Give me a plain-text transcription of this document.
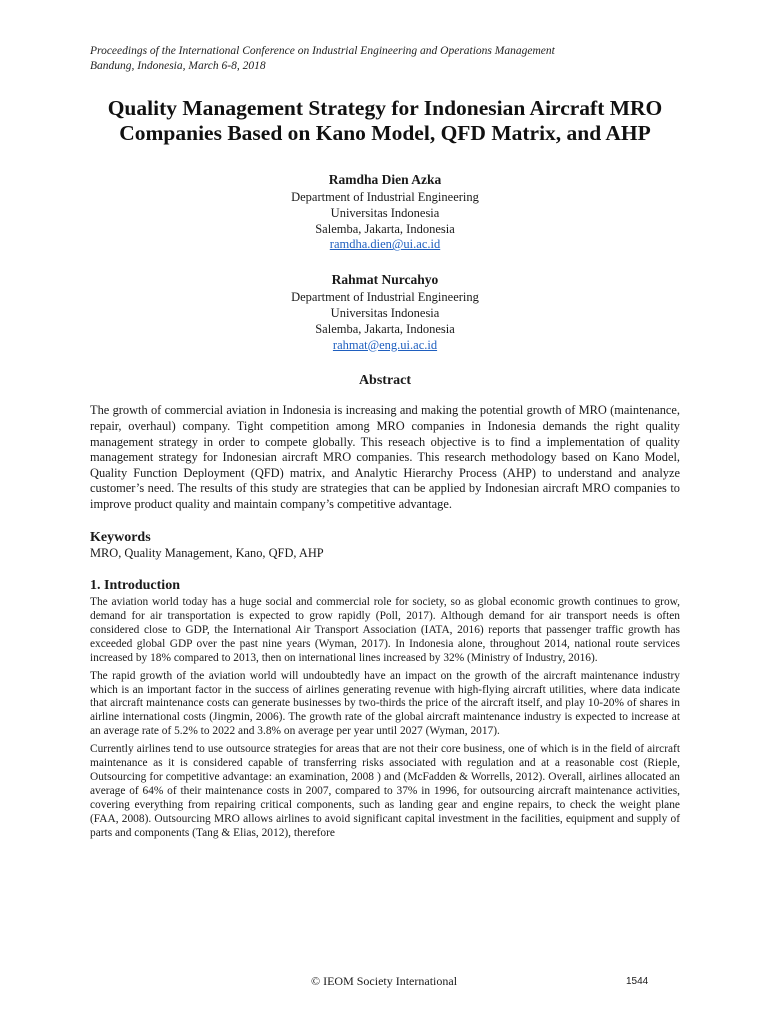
Proceedings of the International Conference on Industrial Engineering and Operations Management
Bandung, Indonesia, March 6-8, 2018
Quality Management Strategy for Indonesian Aircraft MRO
Companies Based on Kano Model, QFD Matrix, and AHP
Ramdha Dien Azka
Department of Industrial Engineering
Universitas Indonesia
Salemba, Jakarta, Indonesia
ramdha.dien@ui.ac.id
Rahmat Nurcahyo
Department of Industrial Engineering
Universitas Indonesia
Salemba, Jakarta, Indonesia
rahmat@eng.ui.ac.id
Abstract
The growth of commercial aviation in Indonesia is increasing and making the potential growth of MRO (maintenance, repair, overhaul) company. Tight competition among MRO companies in Indonesia demands the right quality management strategy in order to compete globally. This reseach objective is to find a implementation of quality management strategy for Indonesian aircraft MRO companies. This research methodology based on Kano Model, Quality Function Deployment (QFD) matrix, and Analytic Hierarchy Process (AHP) to understand and analyze customer’s need. The results of this study are strategies that can be applied by Indonesian aircraft MRO companies to improve product quality and maintain company’s competitive advantage.
Keywords
MRO, Quality Management, Kano, QFD, AHP
1. Introduction
The aviation world today has a huge social and commercial role for society, so as global economic growth continues to grow, demand for air transportation is expected to grow rapidly (Poll, 2017). Although demand for air transport needs is often considered close to GDP, the International Air Transport Association (IATA, 2016) reports that passenger traffic growth has exceeded global GDP over the past nine years (Wyman, 2017). In Indonesia alone, throughout 2014, national route services increased by 18% compared to 2013, then on international lines increased by 32% (Ministry of Industry, 2016).
The rapid growth of the aviation world will undoubtedly have an impact on the growth of the aircraft maintenance industry which is an important factor in the success of airlines generating revenue with high-flying aircraft utilities, where data indicate that aircraft maintenance costs can generate businesses by two-thirds the price of the aircraft itself, and play 10-20% of shares in airline international costs (Jingmin, 2006). The growth rate of the global aircraft maintenance industry is expected to increase at an average rate of 5.2% to 2022 and 3.8% on average per year until 2027 (Wyman, 2017).
Currently airlines tend to use outsource strategies for areas that are not their core business, one of which is in the field of aircraft maintenance as it is considered capable of transferring risks associated with regulation and at a reasonable cost (Rieple, Outsourcing for competitive advantage: an examination, 2008 ) and (McFadden & Worrells, 2012). Overall, airlines allocated an average of 64% of their maintenance costs in 2007, compared to 37% in 1996, for outsourcing aircraft maintenance activities, covering everything from repairing critical components, such as landing gear and engine repairs, to check the weight plane (FAA, 2008). Outsourcing MRO allows airlines to avoid significant capital investment in the facilities, equipment and supply of parts and components (Tang & Elias, 2012), therefore
© IEOM Society International	1544
